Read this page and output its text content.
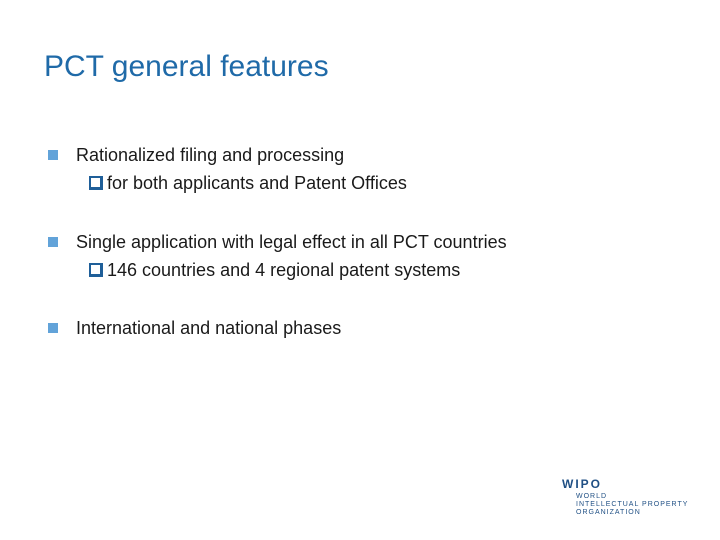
PCT general features
Rationalized filing and processing
for both applicants and Patent Offices
Single application with legal effect in all PCT countries
146 countries and 4 regional patent systems
International and national phases
WIPO
WORLD
INTELLECTUAL PROPERTY
ORGANIZATION
